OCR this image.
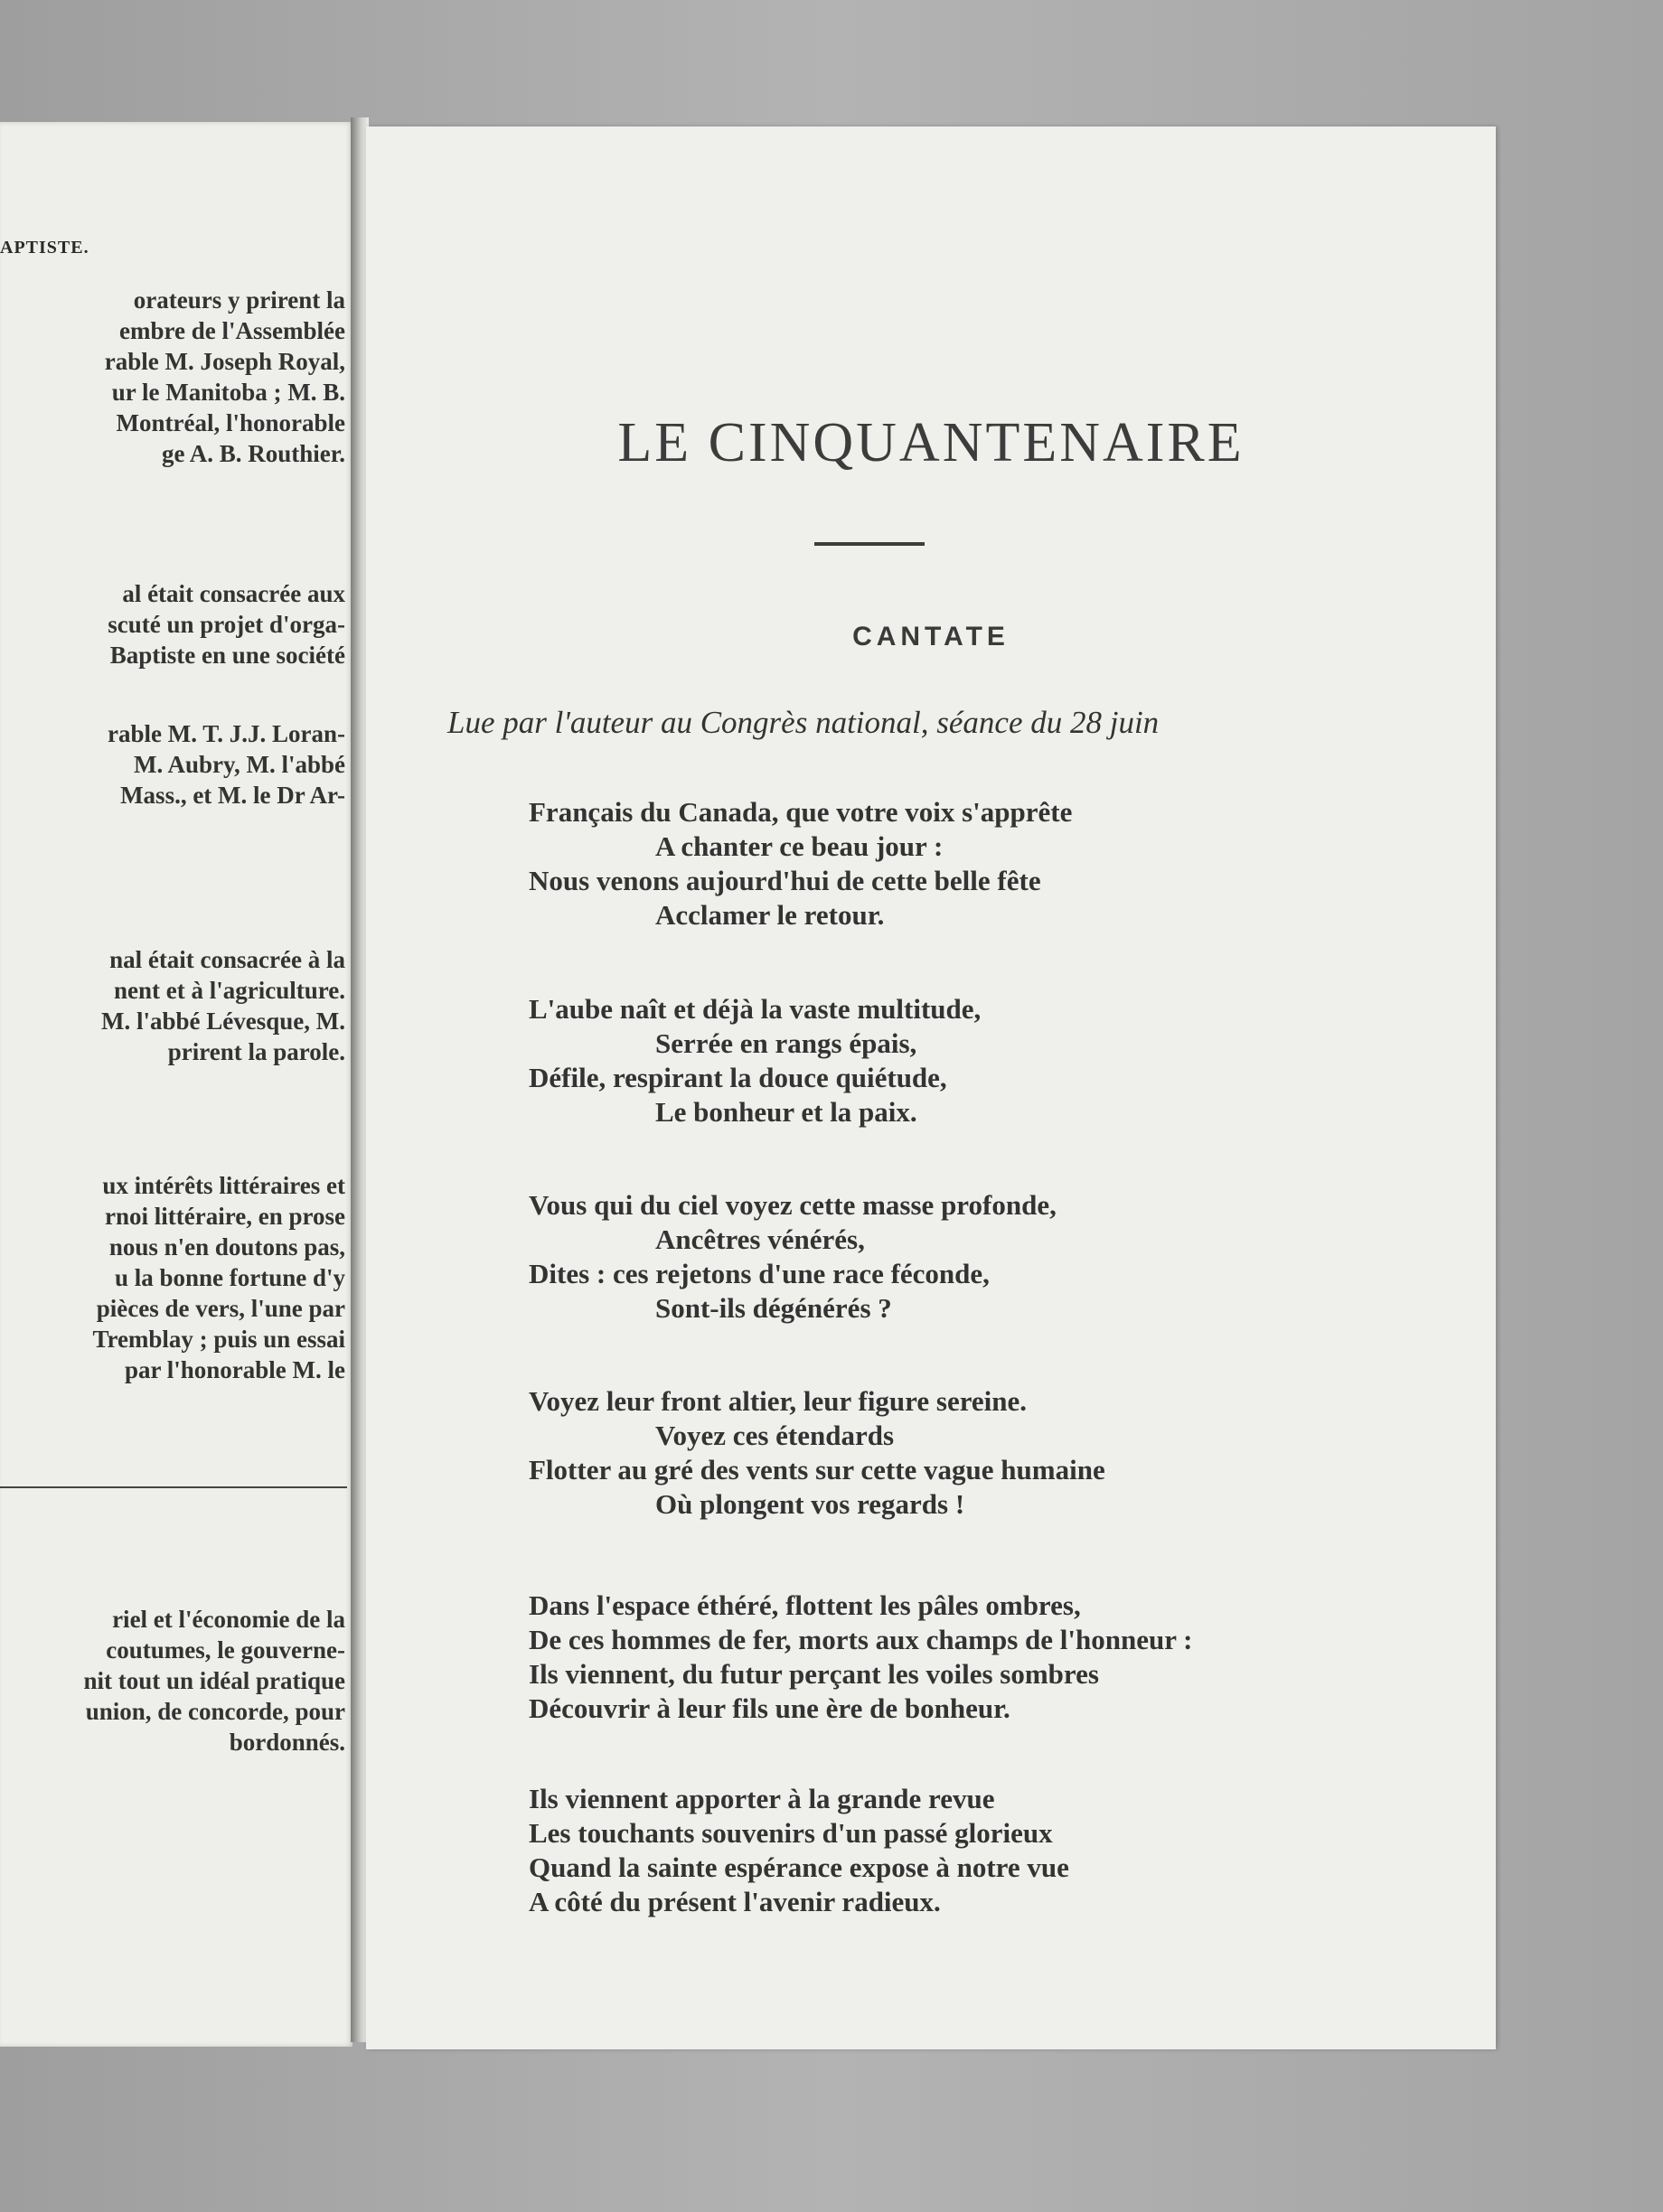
APTISTE.
orateurs y prirent la
embre de l'Assemblée
rable M. Joseph Royal,
ur le Manitoba ; M. B.
Montréal, l'honorable
ge A. B. Routhier.
al était consacrée aux
scuté un projet d'orga-
Baptiste en une société
rable M. T. J.J. Loran-
M. Aubry, M. l'abbé
Mass., et M. le Dr Ar-
nal était consacrée à la
nent et à l'agriculture.
M. l'abbé Lévesque, M.
prirent la parole.
ux intérêts littéraires et
rnoi littéraire, en prose
nous n'en doutons pas,
u la bonne fortune d'y
pièces de vers, l'une par
Tremblay ; puis un essai
par l'honorable M. le
riel et l'économie de la
coutumes, le gouverne-
nit tout un idéal pratique
union, de concorde, pour
bordonnés.
LE CINQUANTENAIRE
CANTATE
Lue par l'auteur au Congrès national, séance du 28 juin
Français du Canada, que votre voix s'apprête
A chanter ce beau jour :
Nous venons aujourd'hui de cette belle fête
Acclamer le retour.
L'aube naît et déjà la vaste multitude,
Serrée en rangs épais,
Défile, respirant la douce quiétude,
Le bonheur et la paix.
Vous qui du ciel voyez cette masse profonde,
Ancêtres vénérés,
Dites : ces rejetons d'une race féconde,
Sont-ils dégénérés ?
Voyez leur front altier, leur figure sereine.
Voyez ces étendards
Flotter au gré des vents sur cette vague humaine
Où plongent vos regards !
Dans l'espace éthéré, flottent les pâles ombres,
De ces hommes de fer, morts aux champs de l'honneur :
Ils viennent, du futur perçant les voiles sombres
Découvrir à leur fils une ère de bonheur.
Ils viennent apporter à la grande revue
Les touchants souvenirs d'un passé glorieux
Quand la sainte espérance expose à notre vue
A côté du présent l'avenir radieux.
